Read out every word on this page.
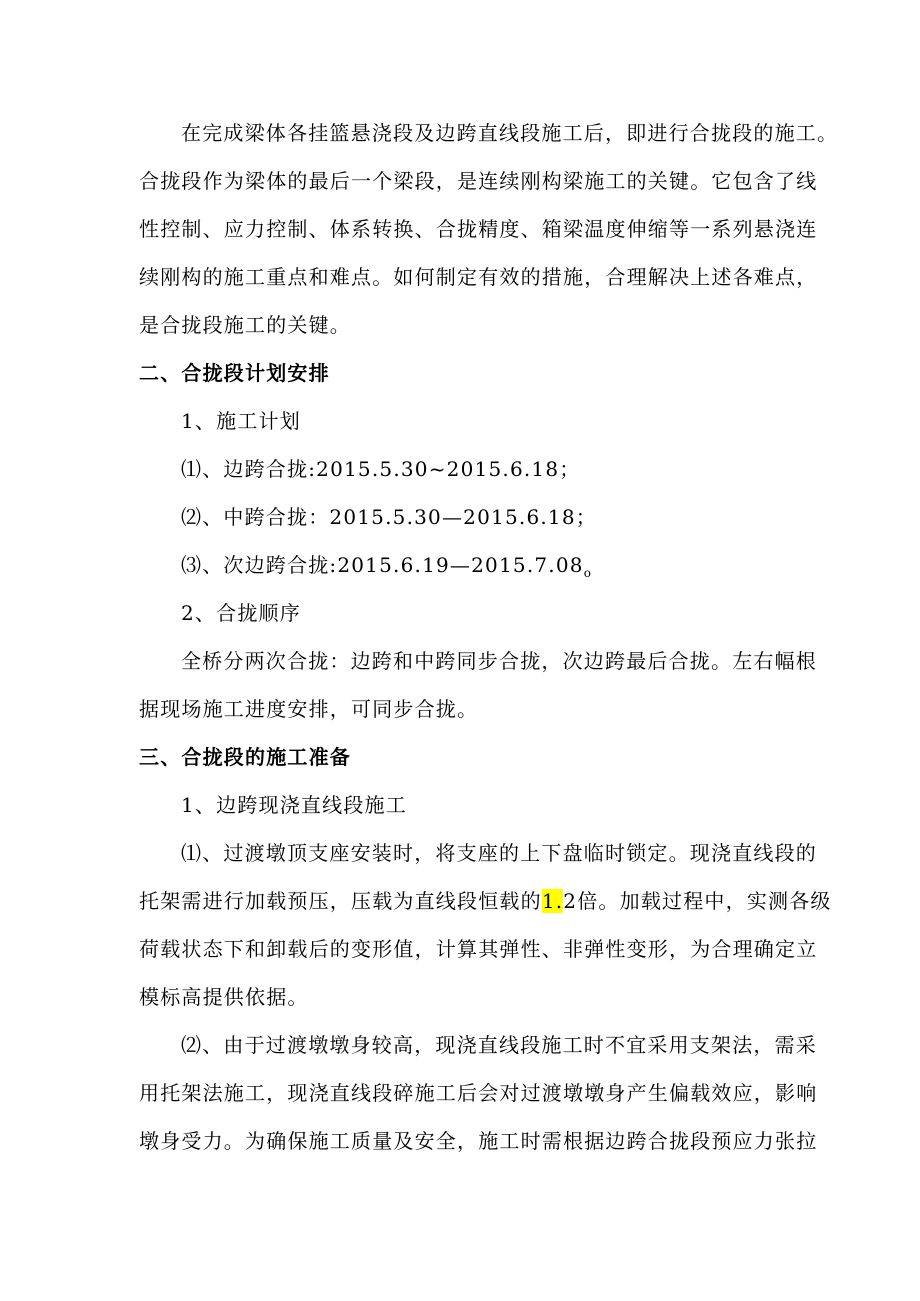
在完成梁体各挂篮悬浇段及边跨直线段施工后，即进行合拢段的施工。
合拢段作为梁体的最后一个梁段，是连续刚构梁施工的关键。它包含了线
性控制、应力控制、体系转换、合拢精度、箱梁温度伸缩等一系列悬浇连
续刚构的施工重点和难点。如何制定有效的措施，合理解决上述各难点，
是合拢段施工的关键。
二、合拢段计划安排
1、施工计划
⑴、边跨合拢:2015.5.30~2015.6.18；
⑵、中跨合拢：2015.5.30—2015.6.18；
⑶、次边跨合拢$:2015.6.19—2015.7.08_o$
2、合拢顺序
全桥分两次合拢：边跨和中跨同步合拢，次边跨最后合拢。左右幅根
据现场施工进度安排，可同步合拢。
三、合拢段的施工准备
1、边跨现浇直线段施工
⑴、过渡墩顶支座安装时，将支座的上下盘临时锁定。现浇直线段的
托架需进行加载预压，压载为直线段恒载的1.2倍。加载过程中，实测各级
荷载状态下和卸载后的变形值，计算其弹性、非弹性变形，为合理确定立
模标高提供依据。
⑵、由于过渡墩墩身较高，现浇直线段施工时不宜采用支架法，需采
用托架法施工，现浇直线段碎施工后会对过渡墩墩身产生偏载效应，影响
墩身受力。为确保施工质量及安全，施工时需根据边跨合拢段预应力张拉
